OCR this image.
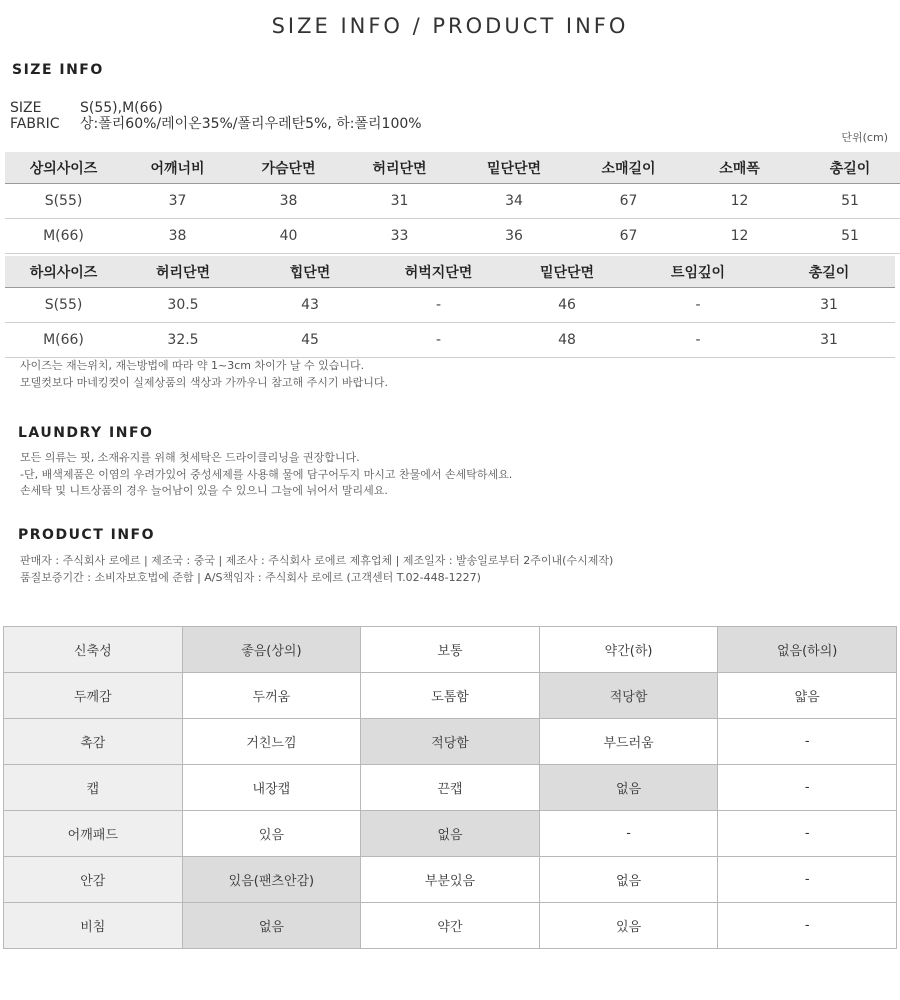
SIZE INFO / PRODUCT INFO
SIZE INFO
SIZE	S(55),M(66)
FABRIC 상:폴리60%/레이온35%/폴리우레탄5%, 하:폴리100%
단위(cm)
상의사이즈	어깨너비	가슴단면	허리단면	밑단단면	소매길이	소매폭	총길이
S(55)	37	38	31	34	67	12	51
M(66)	38	40	33	36	67	12	51
하의사이즈	허리단면	힙단면	허벅지단면	밑단단면	트임깊이	총길이
S(55)	30.5	43	-	46	-	31
M(66)	32.5	45	-	48	-	31
사이즈는 재는위치, 재는방법에 따라 약 1~3cm 차이가 날 수 있습니다.
모델컷보다 마네킹컷이 실제상품의 색상과 가까우니 참고해 주시기 바랍니다.
LAUNDRY INFO
모든 의류는 핏, 소재유지를 위해 첫세탁은 드라이클리닝을 권장합니다.
-단, 배색제품은 이염의 우려가있어 중성세제를 사용해 물에 담구어두지 마시고 찬물에서 손세탁하세요.
손세탁 및 니트상품의 경우 늘어남이 있을 수 있으니 그늘에 뉘어서 말리세요.
PRODUCT INFO
판매자 : 주식회사 로에르 | 제조국 : 중국 | 제조사 : 주식회사 로에르 제휴업체 | 제조일자 : 발송일로부터 2주이내(수시제작)
품질보증기간 : 소비자보호법에 준함 | A/S책임자 : 주식회사 로에르 (고객센터 T.02-448-1227)
신축성	좋음(상의)	보통	약간(하)	없음(하의)
두께감	두꺼움	도톰함	적당함	얇음
촉감	거친느낌	적당함	부드러움	-
캡	내장캡	끈캡	없음	-
어깨패드	있음	없음	-	-
안감	있음(팬츠안감)	부분있음	없음	-
비침	없음	약간	있음	-
